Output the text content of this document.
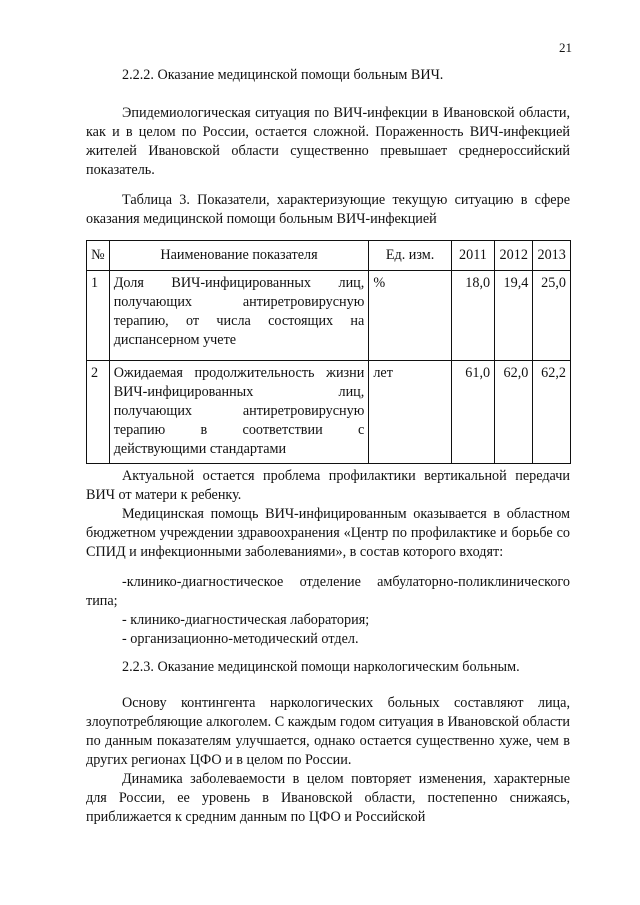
21
2.2.2. Оказание медицинской помощи больным ВИЧ.
Эпидемиологическая ситуация по ВИЧ-инфекции в Ивановской области, как и в целом по России, остается сложной. Пораженность ВИЧ-инфекцией жителей Ивановской области существенно превышает среднероссийский показатель.
Таблица 3. Показатели, характеризующие текущую ситуацию в сфере оказания медицинской помощи больным ВИЧ-инфекцией
№	Наименование показателя	Ед. изм.	2011	2012	2013
1	Доля ВИЧ-инфицированных лиц, получающих антиретровирусную терапию, от числа состоящих на диспансерном учете	%	18,0	19,4	25,0
2	Ожидаемая продолжительность жизни ВИЧ-инфицированных лиц, получающих антиретровирусную терапию в соответствии с действующими стандартами	лет	61,0	62,0	62,2
Актуальной остается проблема профилактики вертикальной передачи ВИЧ от матери к ребенку.
Медицинская помощь ВИЧ-инфицированным оказывается в областном бюджетном учреждении здравоохранения «Центр по профилактике и борьбе со СПИД и инфекционными заболеваниями», в состав которого входят:
-клинико-диагностическое отделение амбулаторно-поликлинического типа;
- клинико-диагностическая лаборатория;
- организационно-методический отдел.
2.2.3. Оказание медицинской помощи наркологическим больным.
Основу контингента наркологических больных составляют лица, злоупотребляющие алкоголем. С каждым годом ситуация в Ивановской области по данным показателям улучшается, однако остается существенно хуже, чем в других регионах ЦФО и в целом по России.
Динамика заболеваемости в целом повторяет изменения, характерные для России, ее уровень в Ивановской области, постепенно снижаясь, приближается к средним данным по ЦФО и Российской
